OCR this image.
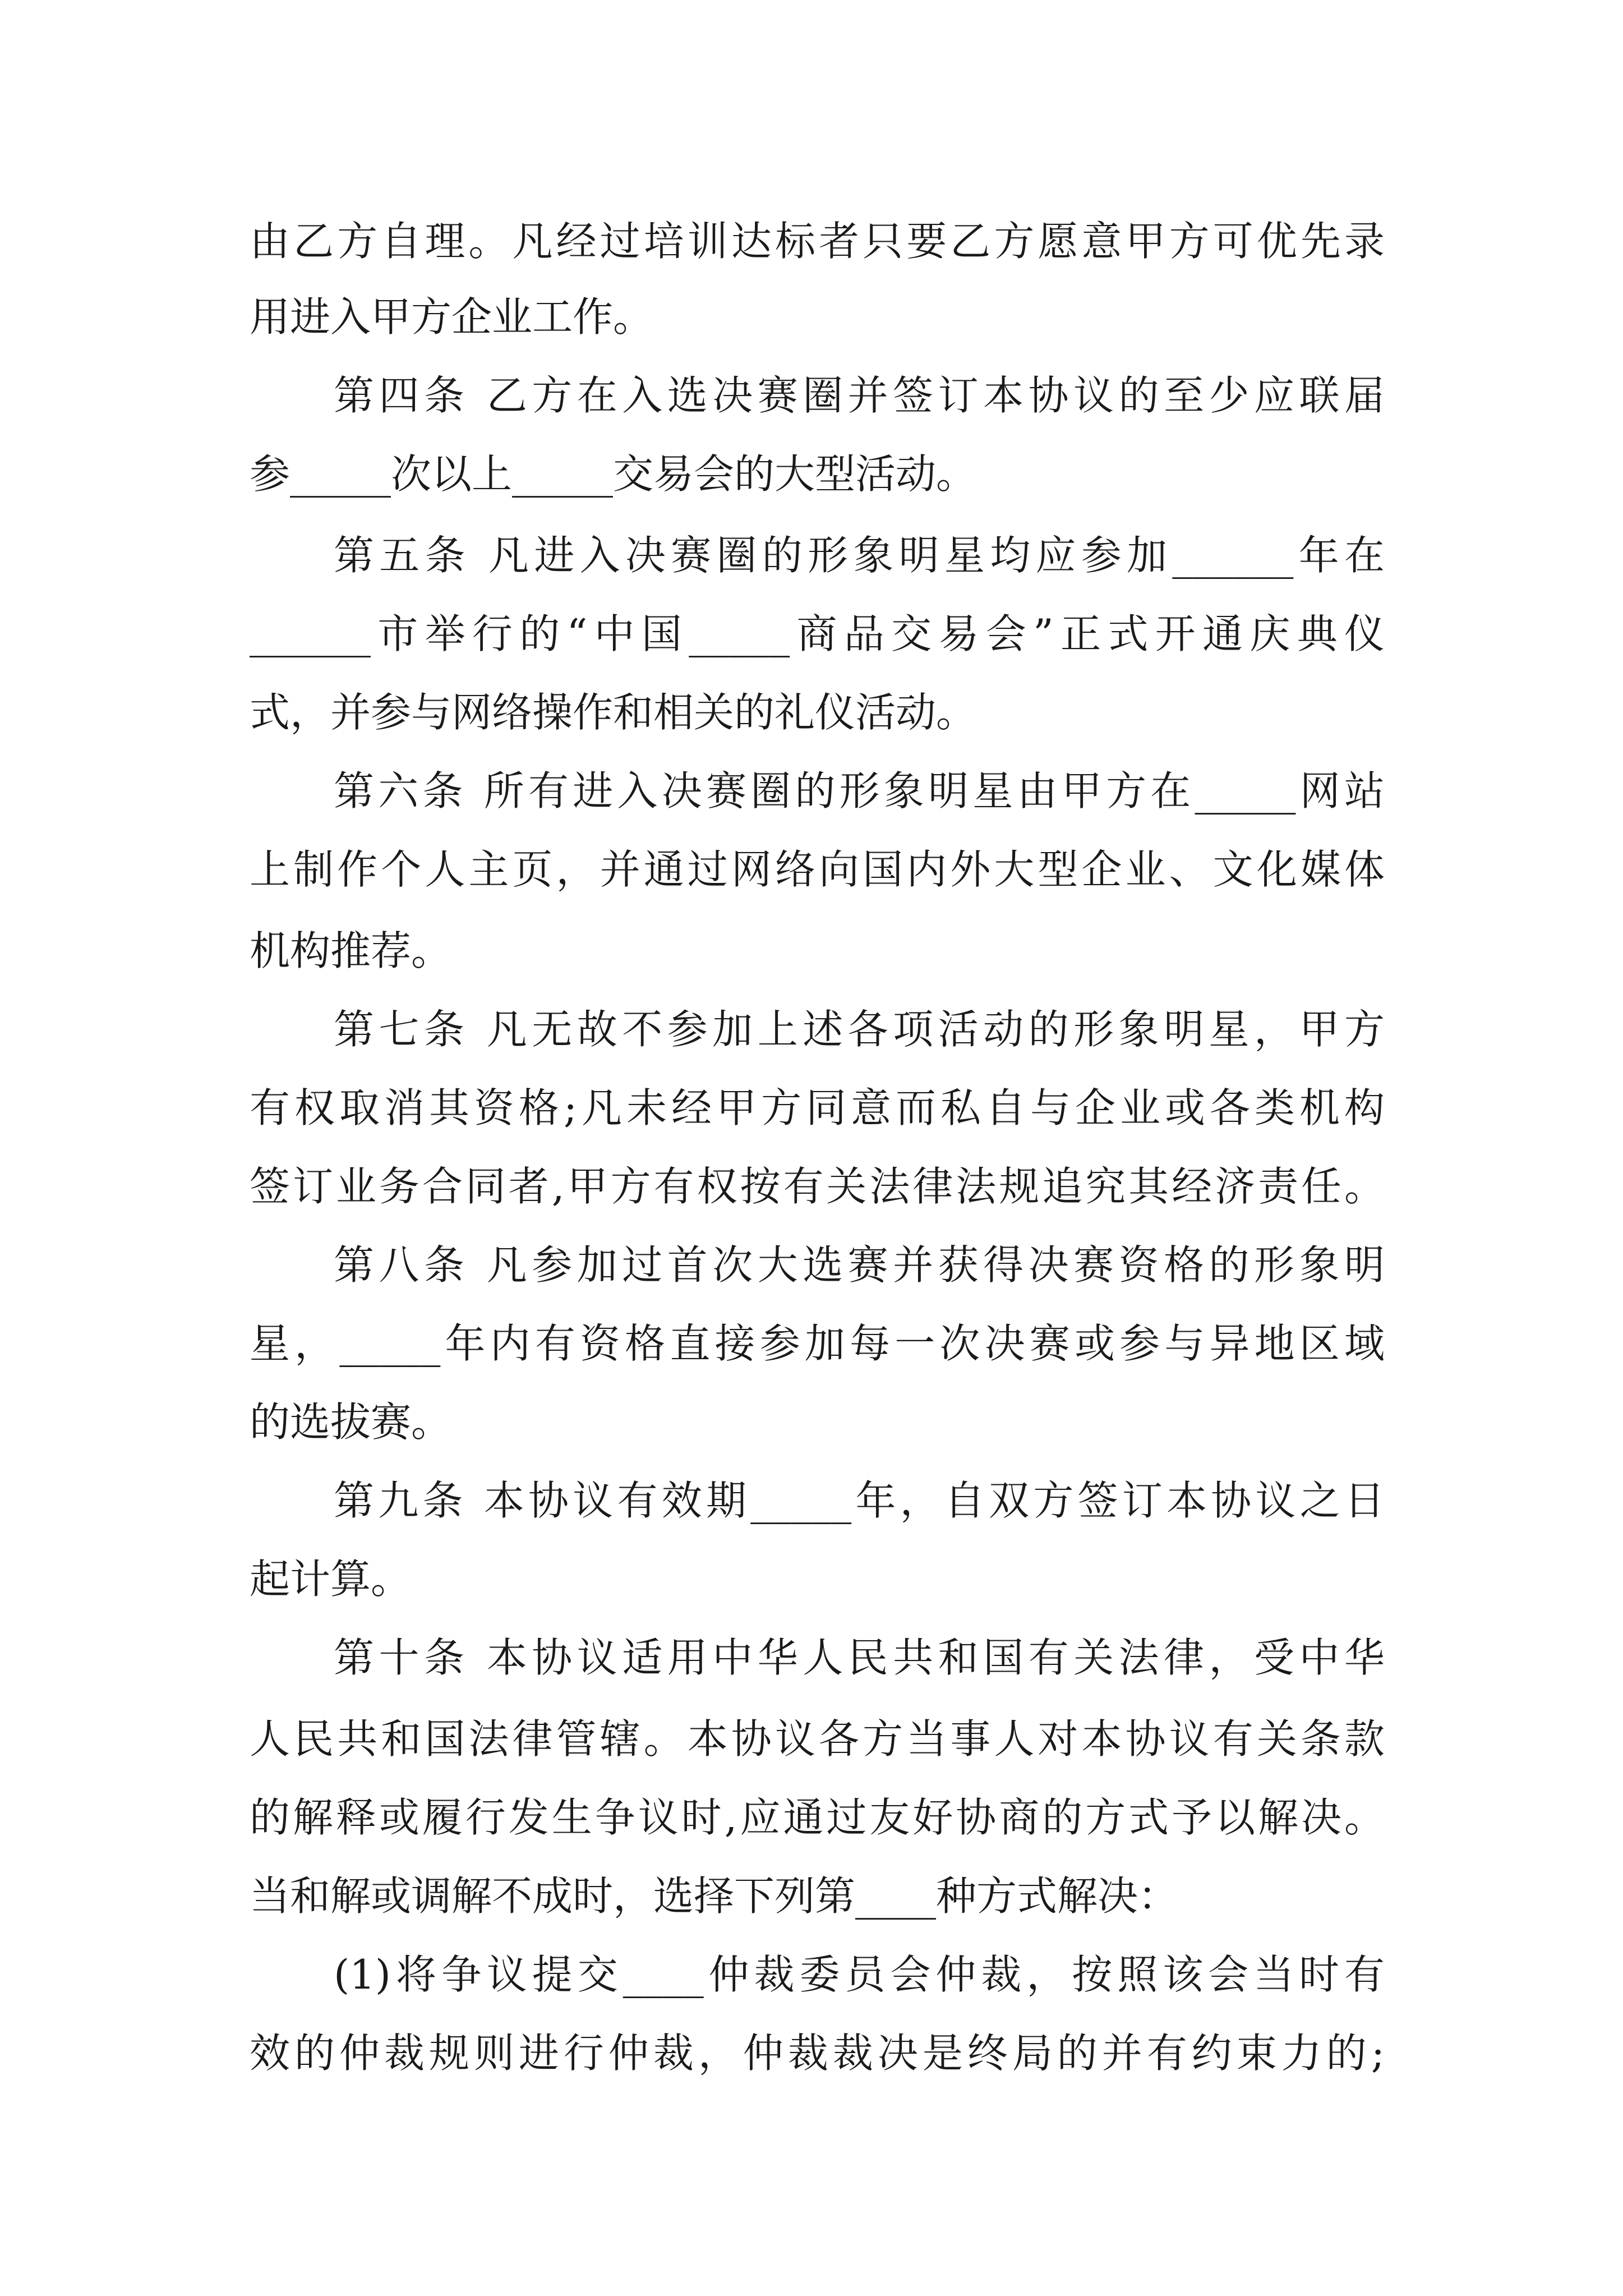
由乙方自理。凡经过培训达标者只要乙方愿意甲方可优先录
用进入甲方企业工作。
第四条 乙方在入选决赛圈并签订本协议的至少应联届
参_____次以上_____交易会的大型活动。
第五条 凡进入决赛圈的形象明星均应参加______年在
______市举行的“中国_____商品交易会”正式开通庆典仪
式，并参与网络操作和相关的礼仪活动。
第六条 所有进入决赛圈的形象明星由甲方在_____网站
上制作个人主页，并通过网络向国内外大型企业、文化媒体
机构推荐。
第七条 凡无故不参加上述各项活动的形象明星，甲方
有权取消其资格;凡未经甲方同意而私自与企业或各类机构
签订业务合同者,甲方有权按有关法律法规追究其经济责任。
第八条 凡参加过首次大选赛并获得决赛资格的形象明
星，_____年内有资格直接参加每一次决赛或参与异地区域
的选拔赛。
第九条 本协议有效期_____年，自双方签订本协议之日
起计算。
第十条 本协议适用中华人民共和国有关法律，受中华
人民共和国法律管辖。本协议各方当事人对本协议有关条款
的解释或履行发生争议时,应通过友好协商的方式予以解决。
当和解或调解不成时，选择下列第____种方式解决：
(1)将争议提交____仲裁委员会仲裁，按照该会当时有
效的仲裁规则进行仲裁，仲裁裁决是终局的并有约束力的;
